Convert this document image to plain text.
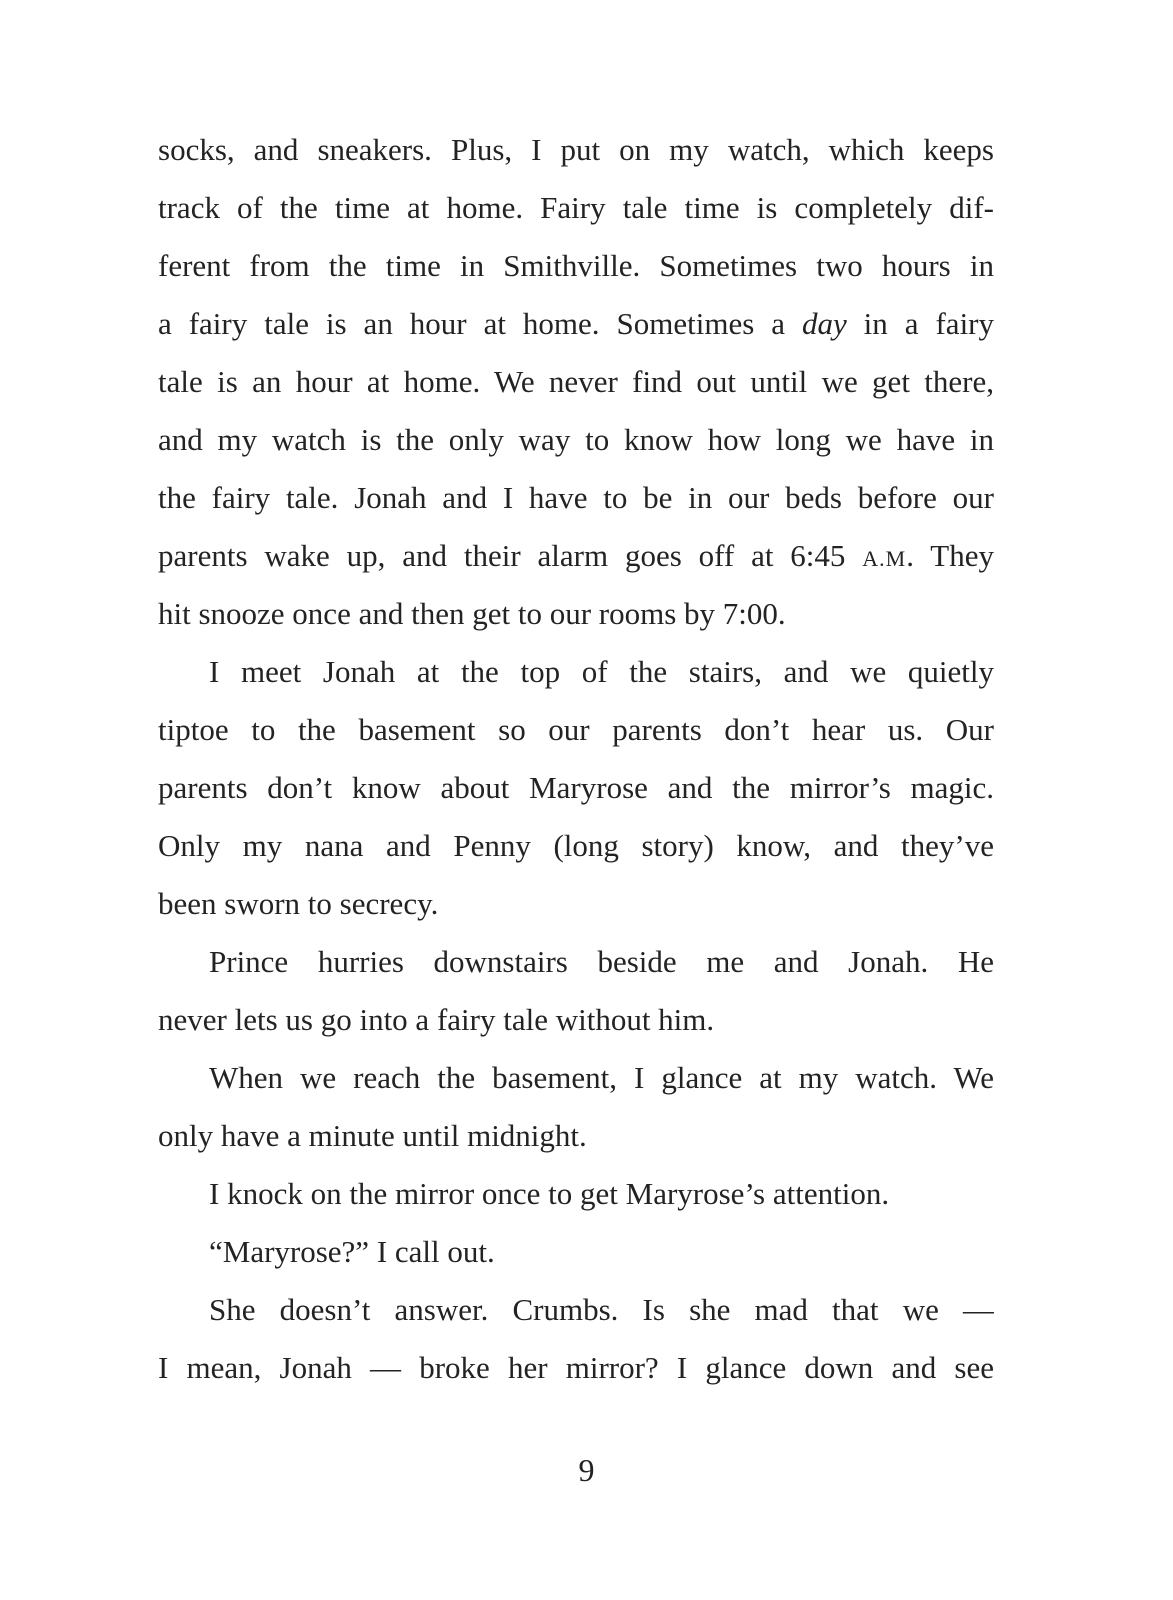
socks, and sneakers. Plus, I put on my watch, which keeps
track of the time at home. Fairy tale time is completely dif-
ferent from the time in Smithville. Sometimes two hours in
a fairy tale is an hour at home. Sometimes a day in a fairy
tale is an hour at home. We never find out until we get there,
and my watch is the only way to know how long we have in
the fairy tale. Jonah and I have to be in our beds before our
parents wake up, and their alarm goes off at 6:45 A.M. They
hit snooze once and then get to our rooms by 7:00.
I meet Jonah at the top of the stairs, and we quietly
tiptoe to the basement so our parents don’t hear us. Our
parents don’t know about Maryrose and the mirror’s magic.
Only my nana and Penny (long story) know, and they’ve
been sworn to secrecy.
Prince hurries downstairs beside me and Jonah. He
never lets us go into a fairy tale without him.
When we reach the basement, I glance at my watch. We
only have a minute until midnight.
I knock on the mirror once to get Maryrose’s attention.
“Maryrose?” I call out.
She doesn’t answer. Crumbs. Is she mad that we —
I mean, Jonah — broke her mirror? I glance down and see
9
